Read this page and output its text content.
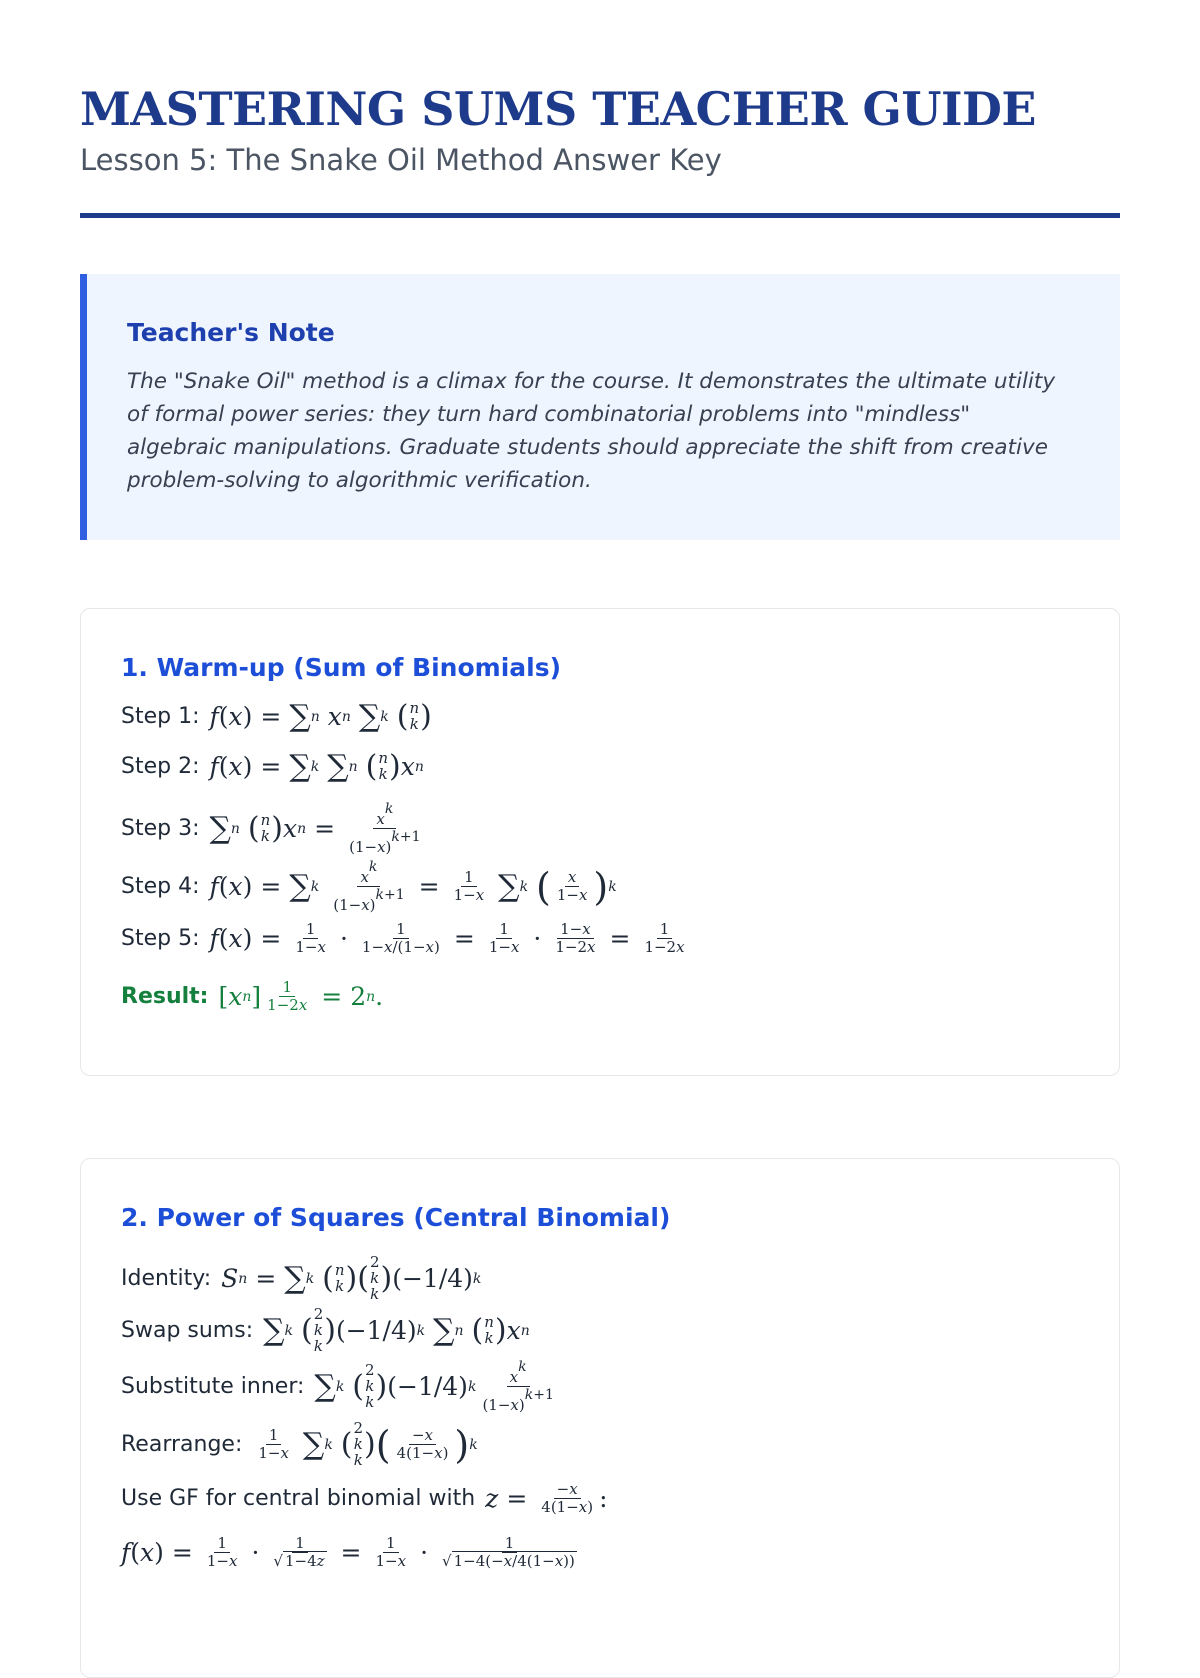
MASTERING SUMS TEACHER GUIDE
Lesson 5: The Snake Oil Method Answer Key
Teacher's Note
The "Snake Oil" method is a climax for the course. It demonstrates the ultimate utility of formal power series: they turn hard combinatorial problems into "mindless" algebraic manipulations. Graduate students should appreciate the shift from creative problem-solving to algorithmic verification.
1. Warm-up (Sum of Binomials)
Step 1: f ( x ) = ∑ n
x n
∑ k
( n
k )
Step 2: f ( x ) = ∑ k
∑ n
( n
k ) x n
Step 3: ∑ n
( n
k ) x $n = \frac{x^k}{(1-x)^{k+1}}$
Step 4: f ( x ) = ∑ k
$\frac{x^k}{(1-x)^{k+1}} = \frac{1}{1-x}$
∑ k
( $\frac{x}{1-x}$ ) k
Step 5: f ( x ) = $\frac{1}{1-x} \cdot \frac{1}{1-x/(1-x)} = \frac{1}{1-x} \cdot \frac{1-x}{1-2x} = \frac{1}{1-2x}$
Result: [ x n ] $\frac{1}{1-2x} = 2$ n .
2. Power of Squares (Central Binomial)
Identity: S n = ∑ k
( n
k ) ( 2
k
k ) (−1/4) k
Swap sums: ∑ k
( 2
k
k ) (−1/4) k
∑ n
( n
k ) x n
Substitute inner: ∑ k
( 2
k
k ) (−1/4) k $\frac{x^k}{(1-x)^{k+1}}$
Rearrange: $\frac{1}{1-x}$
∑ k
( 2
k
k ) ( $\frac{-x}{4(1-x)}$ ) k
Use GF for central binomial with $z = \frac{-x}{4(1-x)}$ :
f ( x ) = $\frac{1}{1-x} \cdot \frac{1}{√ 1-4z} = \frac{1}{1-x} \cdot \frac{1}{√ 1-4(-x/4(1-x))}$
